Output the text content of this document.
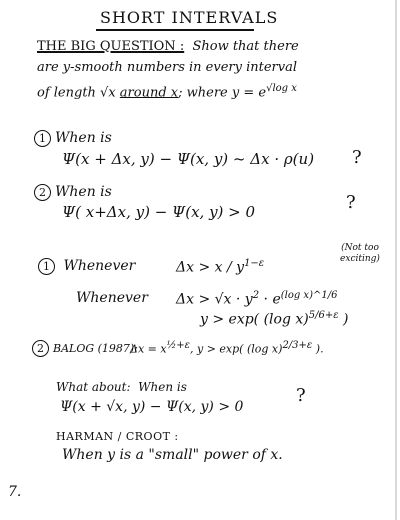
SHORT INTERVALS
THE BIG QUESTION : Show that there
are y-smooth numbers in every interval
of length √x around x; where $y = e^{√log x}$
1 When is
Ψ(x + Δx, y) − Ψ(x, y) ~ Δx · ρ(u) ?
2 When is
Ψ( x+Δx, y) − Ψ(x, y) > 0	?
1 Whenever	$\Delta x > x / y^{1-\varepsilon}$
(Not too exciting)
Whenever $\Delta x > √x \cdot y^2 \cdot e^{(log x)\^{}1/6}$
y > exp( (log x)$^{5/6+\varepsilon}$ )
2 BALOG (1987):
Δx = x½+ε, y > exp( (log x)2/3+ε ).
What about: When is
Ψ(x + √x, y) − Ψ(x, y) > 0
?
HARMAN / CROOT :
When y is a "small" power of x.
7.
